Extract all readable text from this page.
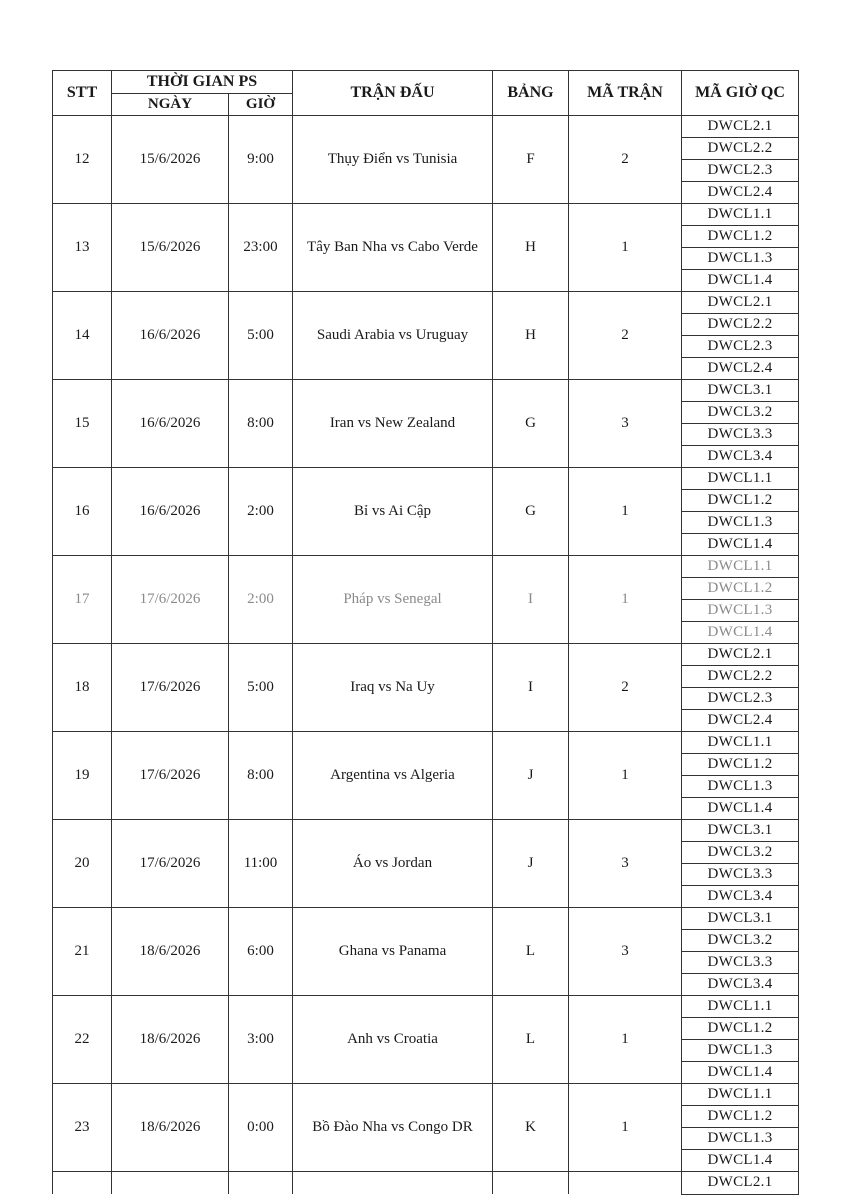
STT	THỜI GIAN PS		TRẬN ĐẤU	BẢNG	MÃ TRẬN	MÃ GIỜ QC
	NGÀY	GIỜ				
12	15/6/2026	9:00	Thụy Điển vs Tunisia	F	2	DWCL2.1
						DWCL2.2
						DWCL2.3
						DWCL2.4
13	15/6/2026	23:00	Tây Ban Nha vs Cabo Verde	H	1	DWCL1.1
						DWCL1.2
						DWCL1.3
						DWCL1.4
14	16/6/2026	5:00	Saudi Arabia vs Uruguay	H	2	DWCL2.1
						DWCL2.2
						DWCL2.3
						DWCL2.4
15	16/6/2026	8:00	Iran vs New Zealand	G	3	DWCL3.1
						DWCL3.2
						DWCL3.3
						DWCL3.4
16	16/6/2026	2:00	Bỉ vs Ai Cập	G	1	DWCL1.1
						DWCL1.2
						DWCL1.3
						DWCL1.4
17	17/6/2026	2:00	Pháp vs Senegal	I	1	DWCL1.1
						DWCL1.2
						DWCL1.3
						DWCL1.4
18	17/6/2026	5:00	Iraq vs Na Uy	I	2	DWCL2.1
						DWCL2.2
						DWCL2.3
						DWCL2.4
19	17/6/2026	8:00	Argentina vs Algeria	J	1	DWCL1.1
						DWCL1.2
						DWCL1.3
						DWCL1.4
20	17/6/2026	11:00	Áo vs Jordan	J	3	DWCL3.1
						DWCL3.2
						DWCL3.3
						DWCL3.4
21	18/6/2026	6:00	Ghana vs Panama	L	3	DWCL3.1
						DWCL3.2
						DWCL3.3
						DWCL3.4
22	18/6/2026	3:00	Anh vs Croatia	L	1	DWCL1.1
						DWCL1.2
						DWCL1.3
						DWCL1.4
23	18/6/2026	0:00	Bồ Đào Nha vs Congo DR	K	1	DWCL1.1
						DWCL1.2
						DWCL1.3
						DWCL1.4
						DWCL2.1
